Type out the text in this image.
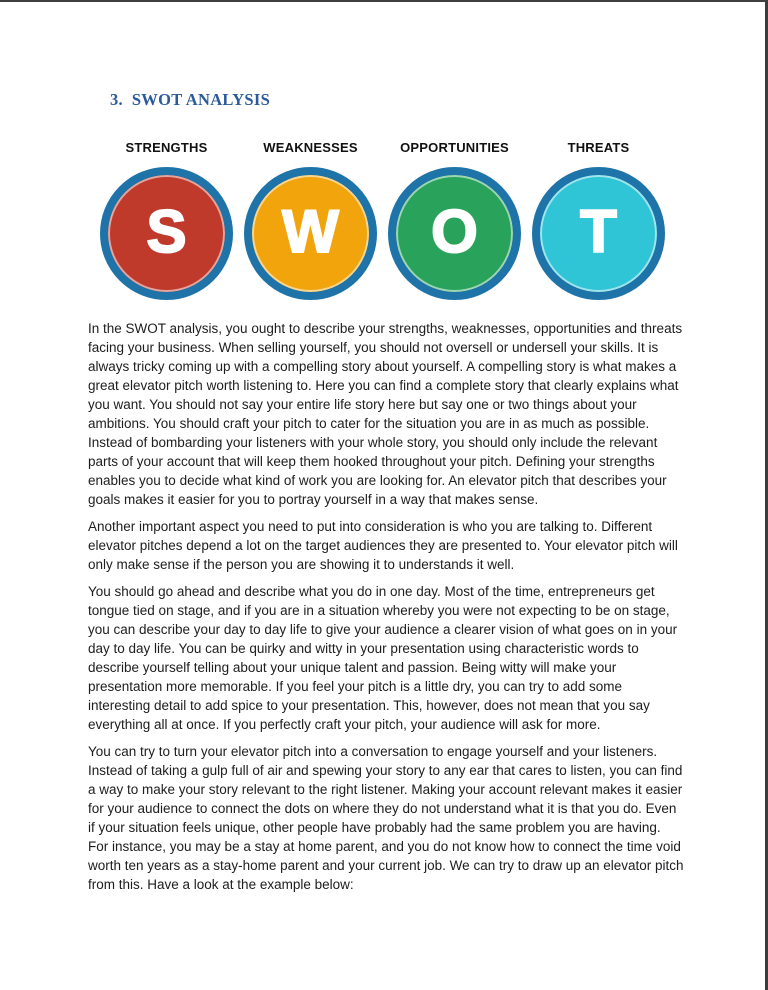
3.  SWOT ANALYSIS
STRENGTHS
S
WEAKNESSES
W
OPPORTUNITIES
O
THREATS
T

In the SWOT analysis, you ought to describe your strengths, weaknesses, opportunities and threats facing your business. When selling yourself, you should not oversell or undersell your skills. It is always tricky coming up with a compelling story about yourself. A compelling story is what makes a great elevator pitch worth listening to. Here you can find a complete story that clearly explains what you want. You should not say your entire life story here but say one or two things about your ambitions. You should craft your pitch to cater for the situation you are in as much as possible. Instead of bombarding your listeners with your whole story, you should only include the relevant parts of your account that will keep them hooked throughout your pitch. Defining your strengths enables you to decide what kind of work you are looking for. An elevator pitch that describes your goals makes it easier for you to portray yourself in a way that makes sense.

Another important aspect you need to put into consideration is who you are talking to. Different elevator pitches depend a lot on the target audiences they are presented to. Your elevator pitch will only make sense if the person you are showing it to understands it well.

You should go ahead and describe what you do in one day. Most of the time, entrepreneurs get tongue tied on stage, and if you are in a situation whereby you were not expecting to be on stage, you can describe your day to day life to give your audience a clearer vision of what goes on in your day to day life. You can be quirky and witty in your presentation using characteristic words to describe yourself telling about your unique talent and passion. Being witty will make your presentation more memorable. If you feel your pitch is a little dry, you can try to add some interesting detail to add spice to your presentation. This, however, does not mean that you say everything all at once. If you perfectly craft your pitch, your audience will ask for more.

You can try to turn your elevator pitch into a conversation to engage yourself and your listeners. Instead of taking a gulp full of air and spewing your story to any ear that cares to listen, you can find a way to make your story relevant to the right listener. Making your account relevant makes it easier for your audience to connect the dots on where they do not understand what it is that you do. Even if your situation feels unique, other people have probably had the same problem you are having. For instance, you may be a stay at home parent, and you do not know how to connect the time void worth ten years as a stay-home parent and your current job. We can try to draw up an elevator pitch from this. Have a look at the example below:
